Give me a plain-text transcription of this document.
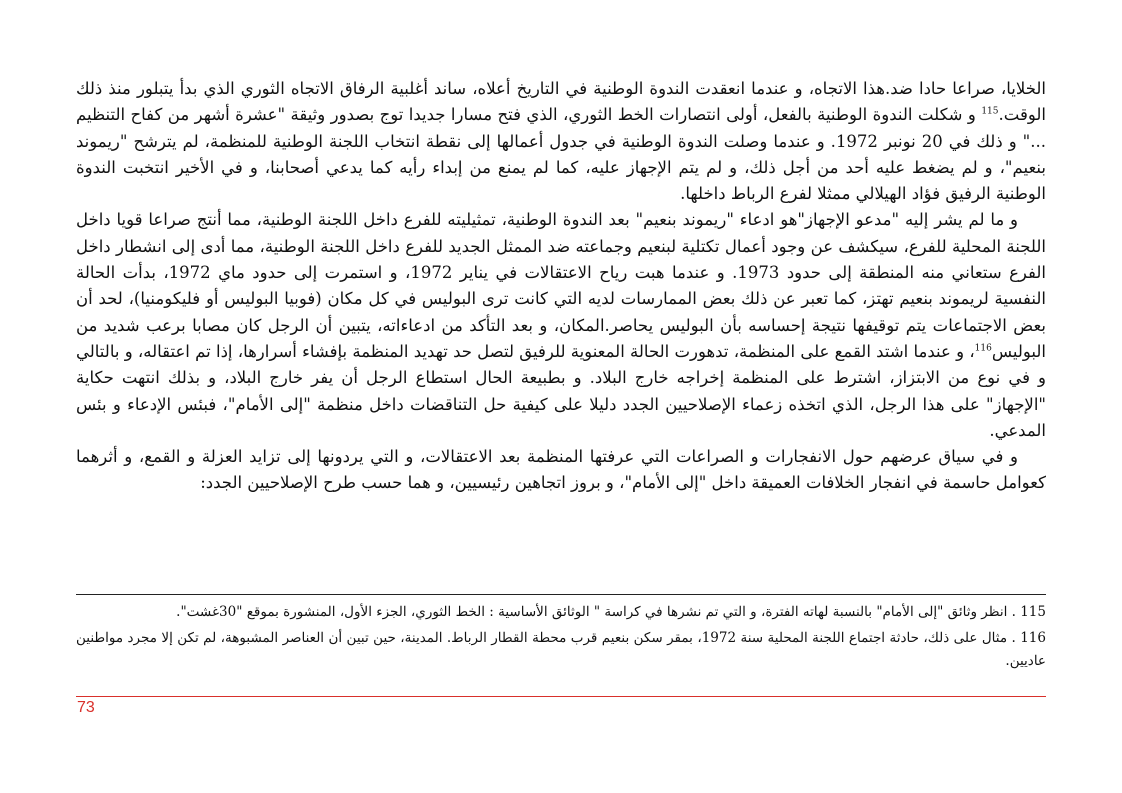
الخلايا، صراعا حادا ضد.هذا الاتجاه، و عندما انعقدت الندوة الوطنية في التاريخ أعلاه، ساند أغلبية الرفاق الاتجاه الثوري الذي بدأ يتبلور منذ ذلك الوقت.$^{115}$ و شكلت الندوة الوطنية بالفعل، أولى انتصارات الخط الثوري، الذي فتح مسارا جديدا توج بصدور وثيقة "عشرة أشهر من كفاح التنظيم ..." و ذلك في 20 نونبر 1972. و عندما وصلت الندوة الوطنية في جدول أعمالها إلى نقطة انتخاب اللجنة الوطنية للمنظمة، لم يترشح "ريموند بنعيم"، و لم يضغط عليه أحد من أجل ذلك، و لم يتم الإجهاز عليه، كما لم يمنع من إبداء رأيه كما يدعي أصحابنا، و في الأخير انتخبت الندوة الوطنية الرفيق فؤاد الهيلالي ممثلا لفرع الرباط داخلها.

و ما لم يشر إليه "مدعو الإجهاز"هو ادعاء "ريموند بنعيم" بعد الندوة الوطنية، تمثيليته للفرع داخل اللجنة الوطنية، مما أنتج صراعا قويا داخل اللجنة المحلية للفرع، سيكشف عن وجود أعمال تكتلية لبنعيم وجماعته ضد الممثل الجديد للفرع داخل اللجنة الوطنية، مما أدى إلى انشطار داخل الفرع ستعاني منه المنطقة إلى حدود 1973. و عندما هبت رياح الاعتقالات في يناير 1972، و استمرت إلى حدود ماي 1972، بدأت الحالة النفسية لريموند بنعيم تهتز، كما تعبر عن ذلك بعض الممارسات لديه التي كانت ترى البوليس في كل مكان (فوبيا البوليس أو فليكومنيا)، لحد أن بعض الاجتماعات يتم توقيفها نتيجة إحساسه بأن البوليس يحاصر.المكان، و بعد التأكد من ادعاءاته، يتبين أن الرجل كان مصابا برعب شديد من البوليس$^{116}$، و عندما اشتد القمع على المنظمة، تدهورت الحالة المعنوية للرفيق لتصل حد تهديد المنظمة بإفشاء أسرارها، إذا تم اعتقاله، و بالتالي و في نوع من الابتزاز، اشترط على المنظمة إخراجه خارج البلاد. و بطبيعة الحال استطاع الرجل أن يفر خارج البلاد، و بذلك انتهت حكاية "الإجهاز" على هذا الرجل، الذي اتخذه زعماء الإصلاحيين الجدد دليلا على كيفية حل التناقضات داخل منظمة "إلى الأمام"، فبئس الإدعاء و بئس المدعي.

و في سياق عرضهم حول الانفجارات و الصراعات التي عرفتها المنظمة بعد الاعتقالات، و التي يردونها إلى تزايد العزلة و القمع، و أثرهما كعوامل حاسمة في انفجار الخلافات العميقة داخل "إلى الأمام"، و بروز اتجاهين رئيسيين، و هما حسب طرح الإصلاحيين الجدد:

115 . انظر وثائق "إلى الأمام" بالنسبة لهاته الفترة، و التي تم نشرها في كراسة " الوثائق الأساسية : الخط الثوري، الجزء الأول، المنشورة بموقع "30غشت".

116 . مثال على ذلك، حادثة اجتماع اللجنة المحلية سنة 1972، بمقر سكن بنعيم قرب محطة القطار الرباط. المدينة، حين تبين أن العناصر المشبوهة، لم تكن إلا مجرد مواطنين عاديين.

73
